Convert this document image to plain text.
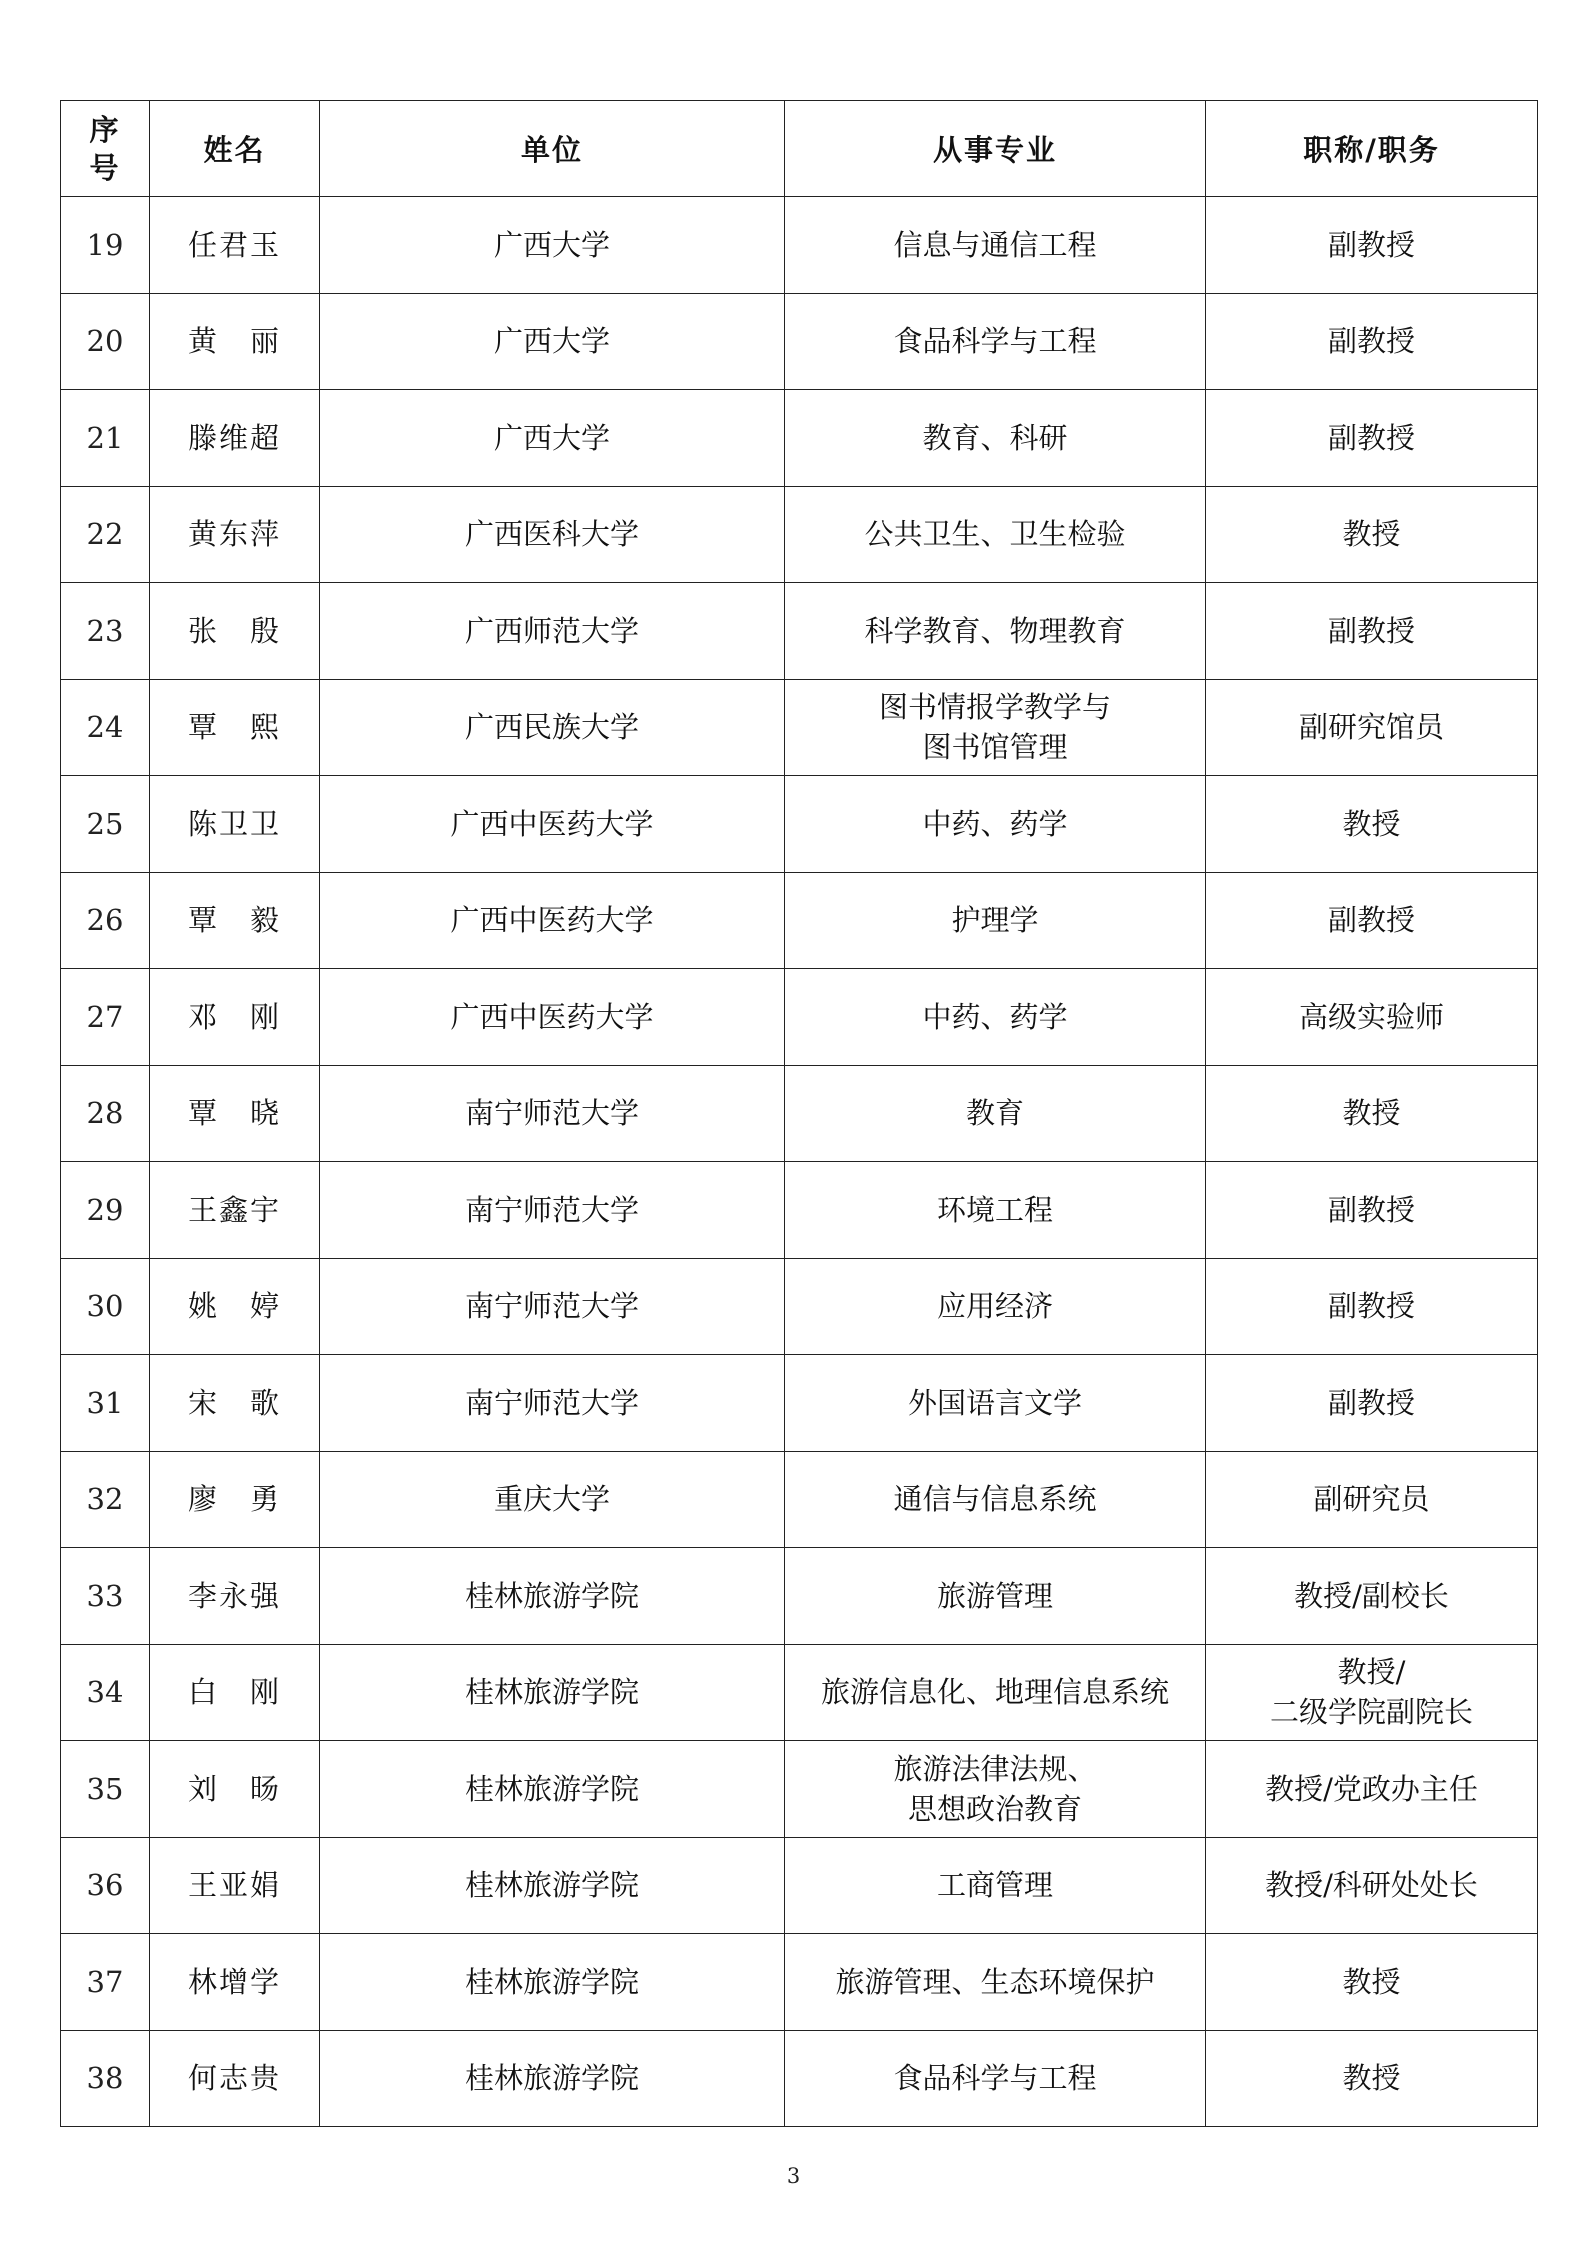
序
号	姓名	单位	从事专业	职称/职务
19	任君玉	广西大学	信息与通信工程	副教授

20	黄　丽	广西大学	食品科学与工程	副教授

21	滕维超	广西大学	教育、科研	副教授

22	黄东萍	广西医科大学	公共卫生、卫生检验	教授

23	张　殷	广西师范大学	科学教育、物理教育	副教授

24	覃　熙	广西民族大学	图书情报学教学与
图书馆管理	副研究馆员

25	陈卫卫	广西中医药大学	中药、药学	教授

26	覃　毅	广西中医药大学	护理学	副教授

27	邓　刚	广西中医药大学	中药、药学	高级实验师

28	覃　晓	南宁师范大学	教育	教授

29	王鑫宇	南宁师范大学	环境工程	副教授

30	姚　婷	南宁师范大学	应用经济	副教授

31	宋　歌	南宁师范大学	外国语言文学	副教授

32	廖　勇	重庆大学	通信与信息系统	副研究员

33	李永强	桂林旅游学院	旅游管理	教授/副校长

34	白　刚	桂林旅游学院	旅游信息化、地理信息系统	教授/
二级学院副院长

35	刘　旸	桂林旅游学院	旅游法律法规、
思想政治教育	教授/党政办主任

36	王亚娟	桂林旅游学院	工商管理	教授/科研处处长

37	林增学	桂林旅游学院	旅游管理、生态环境保护	教授

38	何志贵	桂林旅游学院	食品科学与工程	教授
3
